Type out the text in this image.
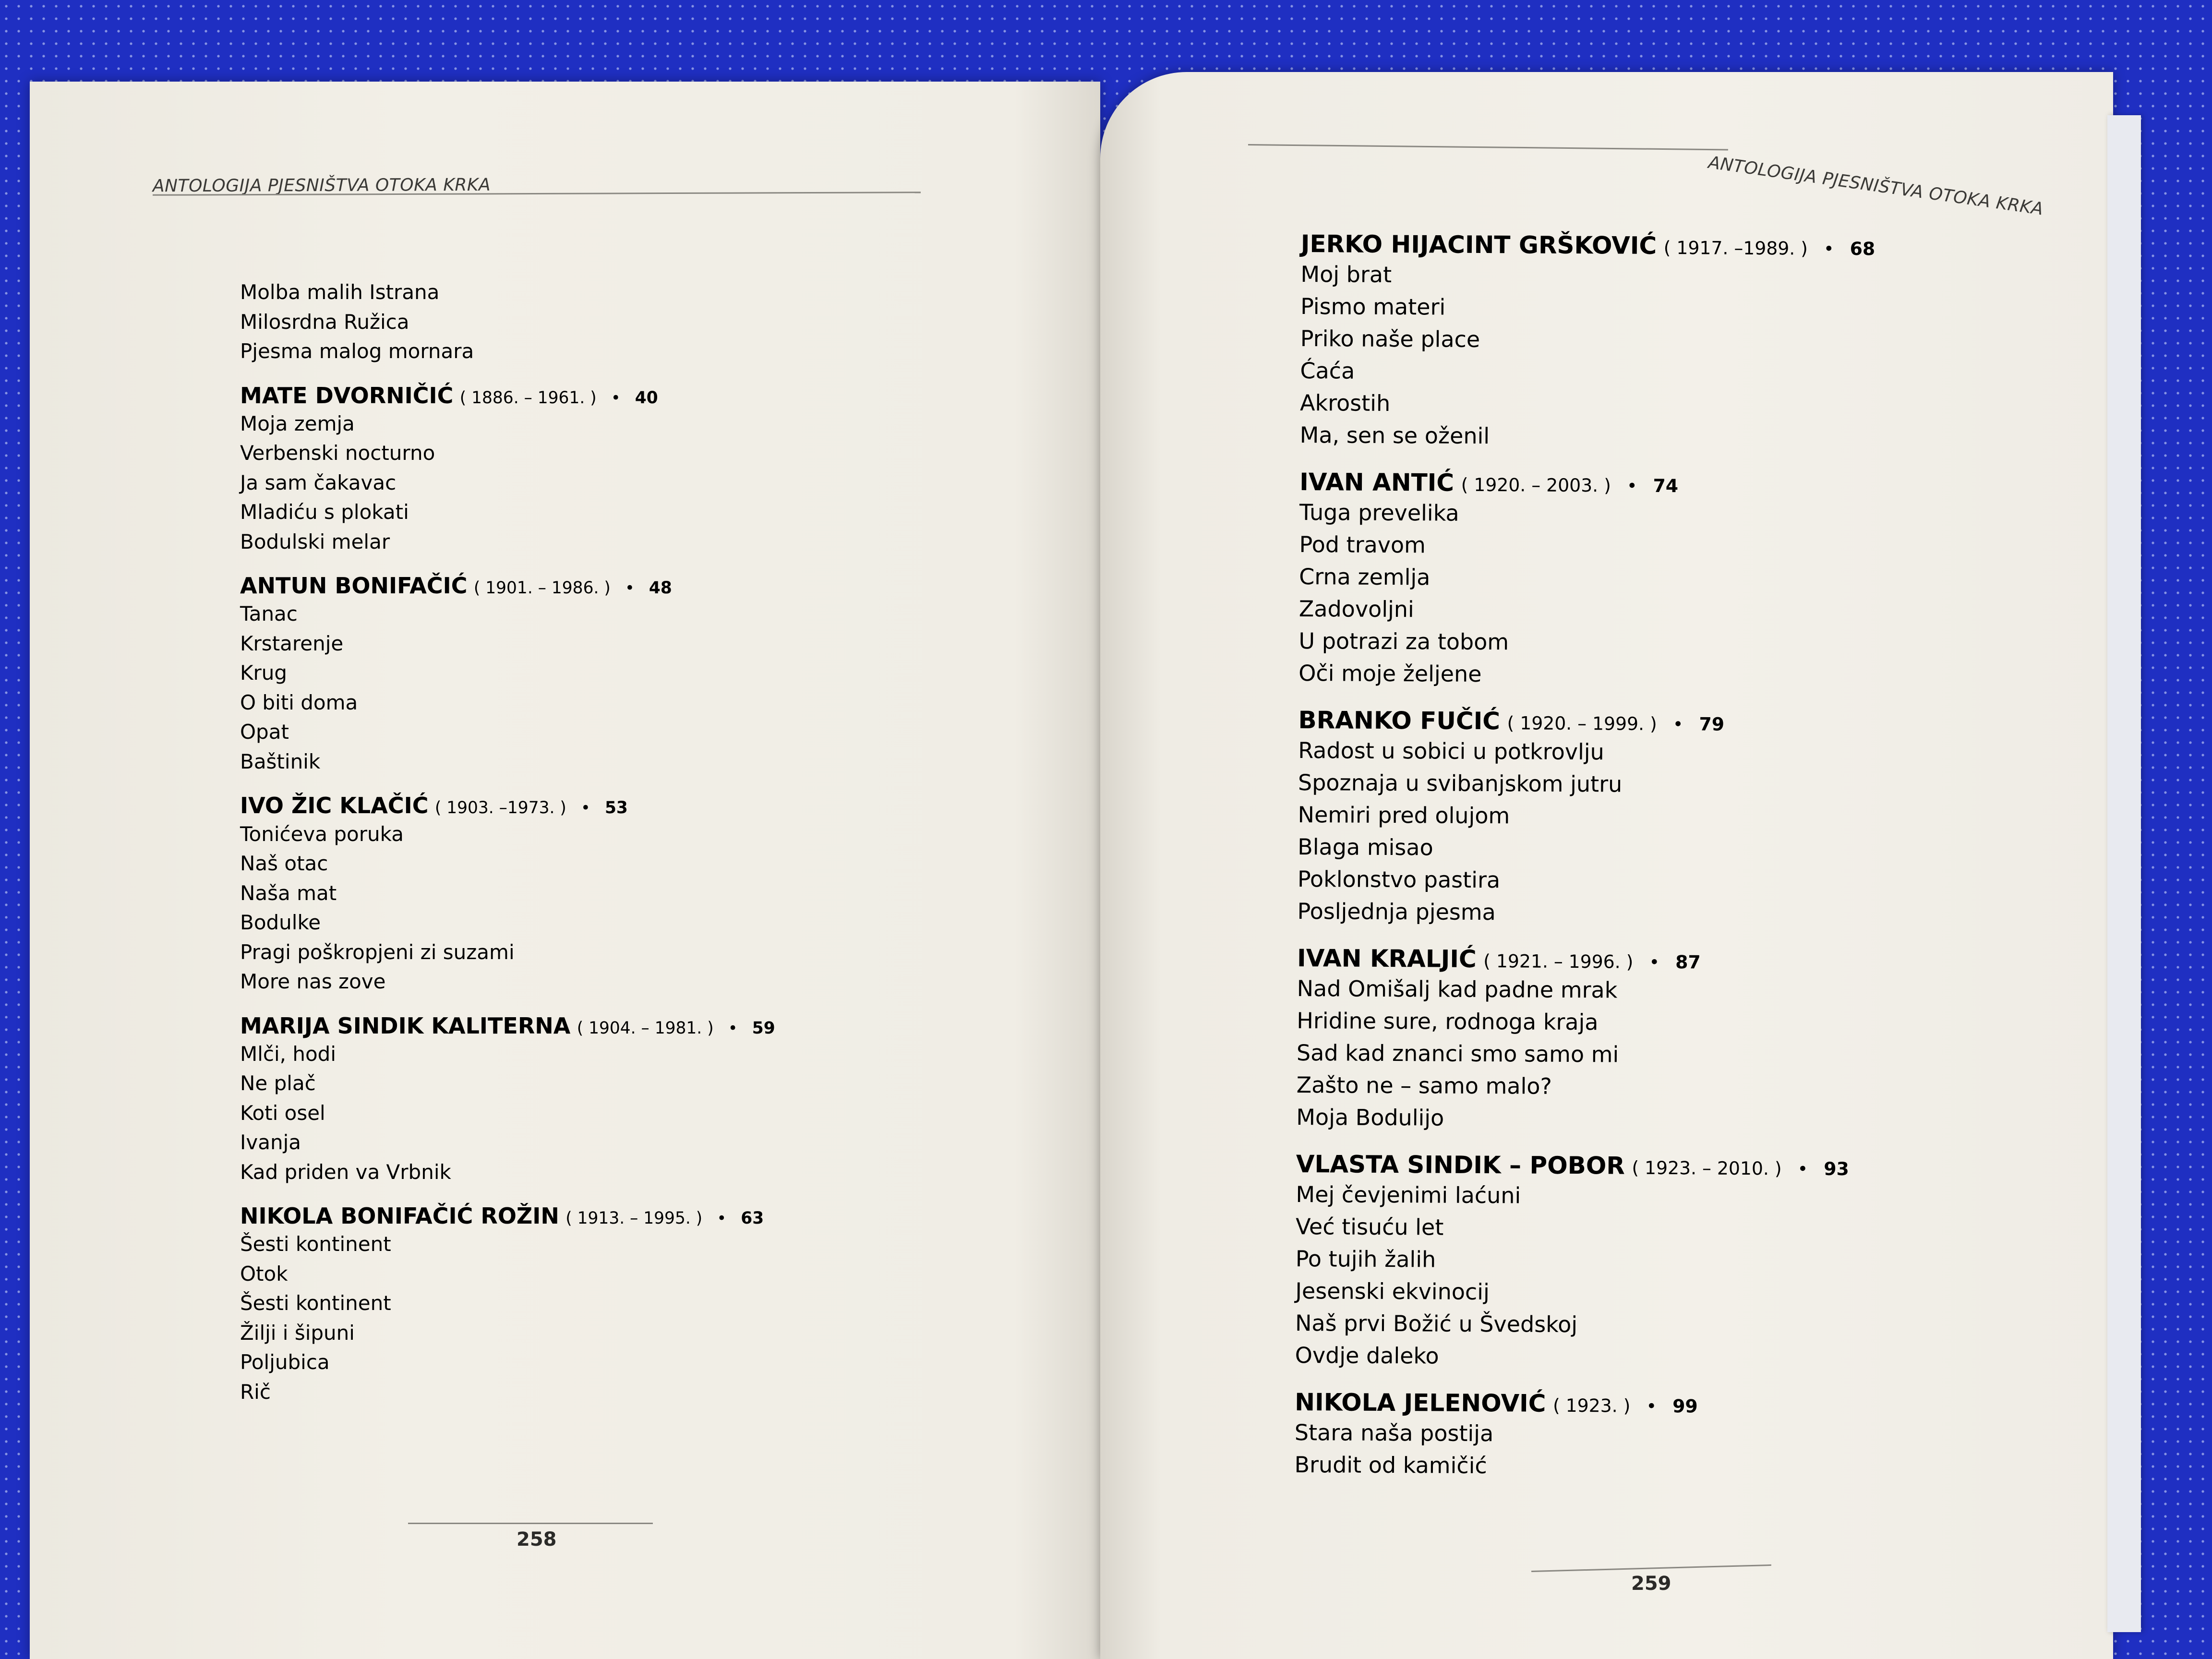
ANTOLOGIJA PJESNIŠTVA OTOKA KRKA	ANTOLOGIJA PJESNIŠTVA OTOKA KRKA
Molba malih Istrana
Milosrdna Ružica
Pjesma malog mornara
MATE DVORNIČIĆ ( 1886. – 1961. ) • 40
Moja zemja
Verbenski nocturno
Ja sam čakavac
Mladiću s plokati
Bodulski melar
ANTUN BONIFAČIĆ ( 1901. – 1986. ) • 48
Tanac
Krstarenje
Krug
O biti doma
Opat
Baštinik
IVO ŽIC KLAČIĆ ( 1903. –1973. ) • 53
Tonićeva poruka
Naš otac
Naša mat
Bodulke
Pragi poškropjeni zi suzami
More nas zove
MARIJA SINDIK KALITERNA ( 1904. – 1981. ) • 59
Mlči, hodi
Ne plač
Koti osel
Ivanja
Kad priden va Vrbnik
NIKOLA BONIFAČIĆ ROŽIN ( 1913. – 1995. ) • 63
Šesti kontinent
Otok
Šesti kontinent
Žilji i šipuni
Poljubica
Rič
JERKO HIJACINT GRŠKOVIĆ ( 1917. –1989. ) • 68
Moj brat
Pismo materi
Priko naše place
Ćaća
Akrostih
Ma, sen se oženil
IVAN ANTIĆ ( 1920. – 2003. ) • 74
Tuga prevelika
Pod travom
Crna zemlja
Zadovoljni
U potrazi za tobom
Oči moje željene
BRANKO FUČIĆ ( 1920. – 1999. ) • 79
Radost u sobici u potkrovlju
Spoznaja u svibanjskom jutru
Nemiri pred olujom
Blaga misao
Poklonstvo pastira
Posljednja pjesma
IVAN KRALJIĆ ( 1921. – 1996. ) • 87
Nad Omišalj kad padne mrak
Hridine sure, rodnoga kraja
Sad kad znanci smo samo mi
Zašto ne – samo malo?
Moja Bodulijo
VLASTA SINDIK – POBOR ( 1923. – 2010. ) • 93
Mej čevjenimi laćuni
Već tisuću let
Po tujih žalih
Jesenski ekvinocij
Naš prvi Božić u Švedskoj
Ovdje daleko
NIKOLA JELENOVIĆ ( 1923. ) • 99
Stara naša postija
Brudit od kamičić
258
259
